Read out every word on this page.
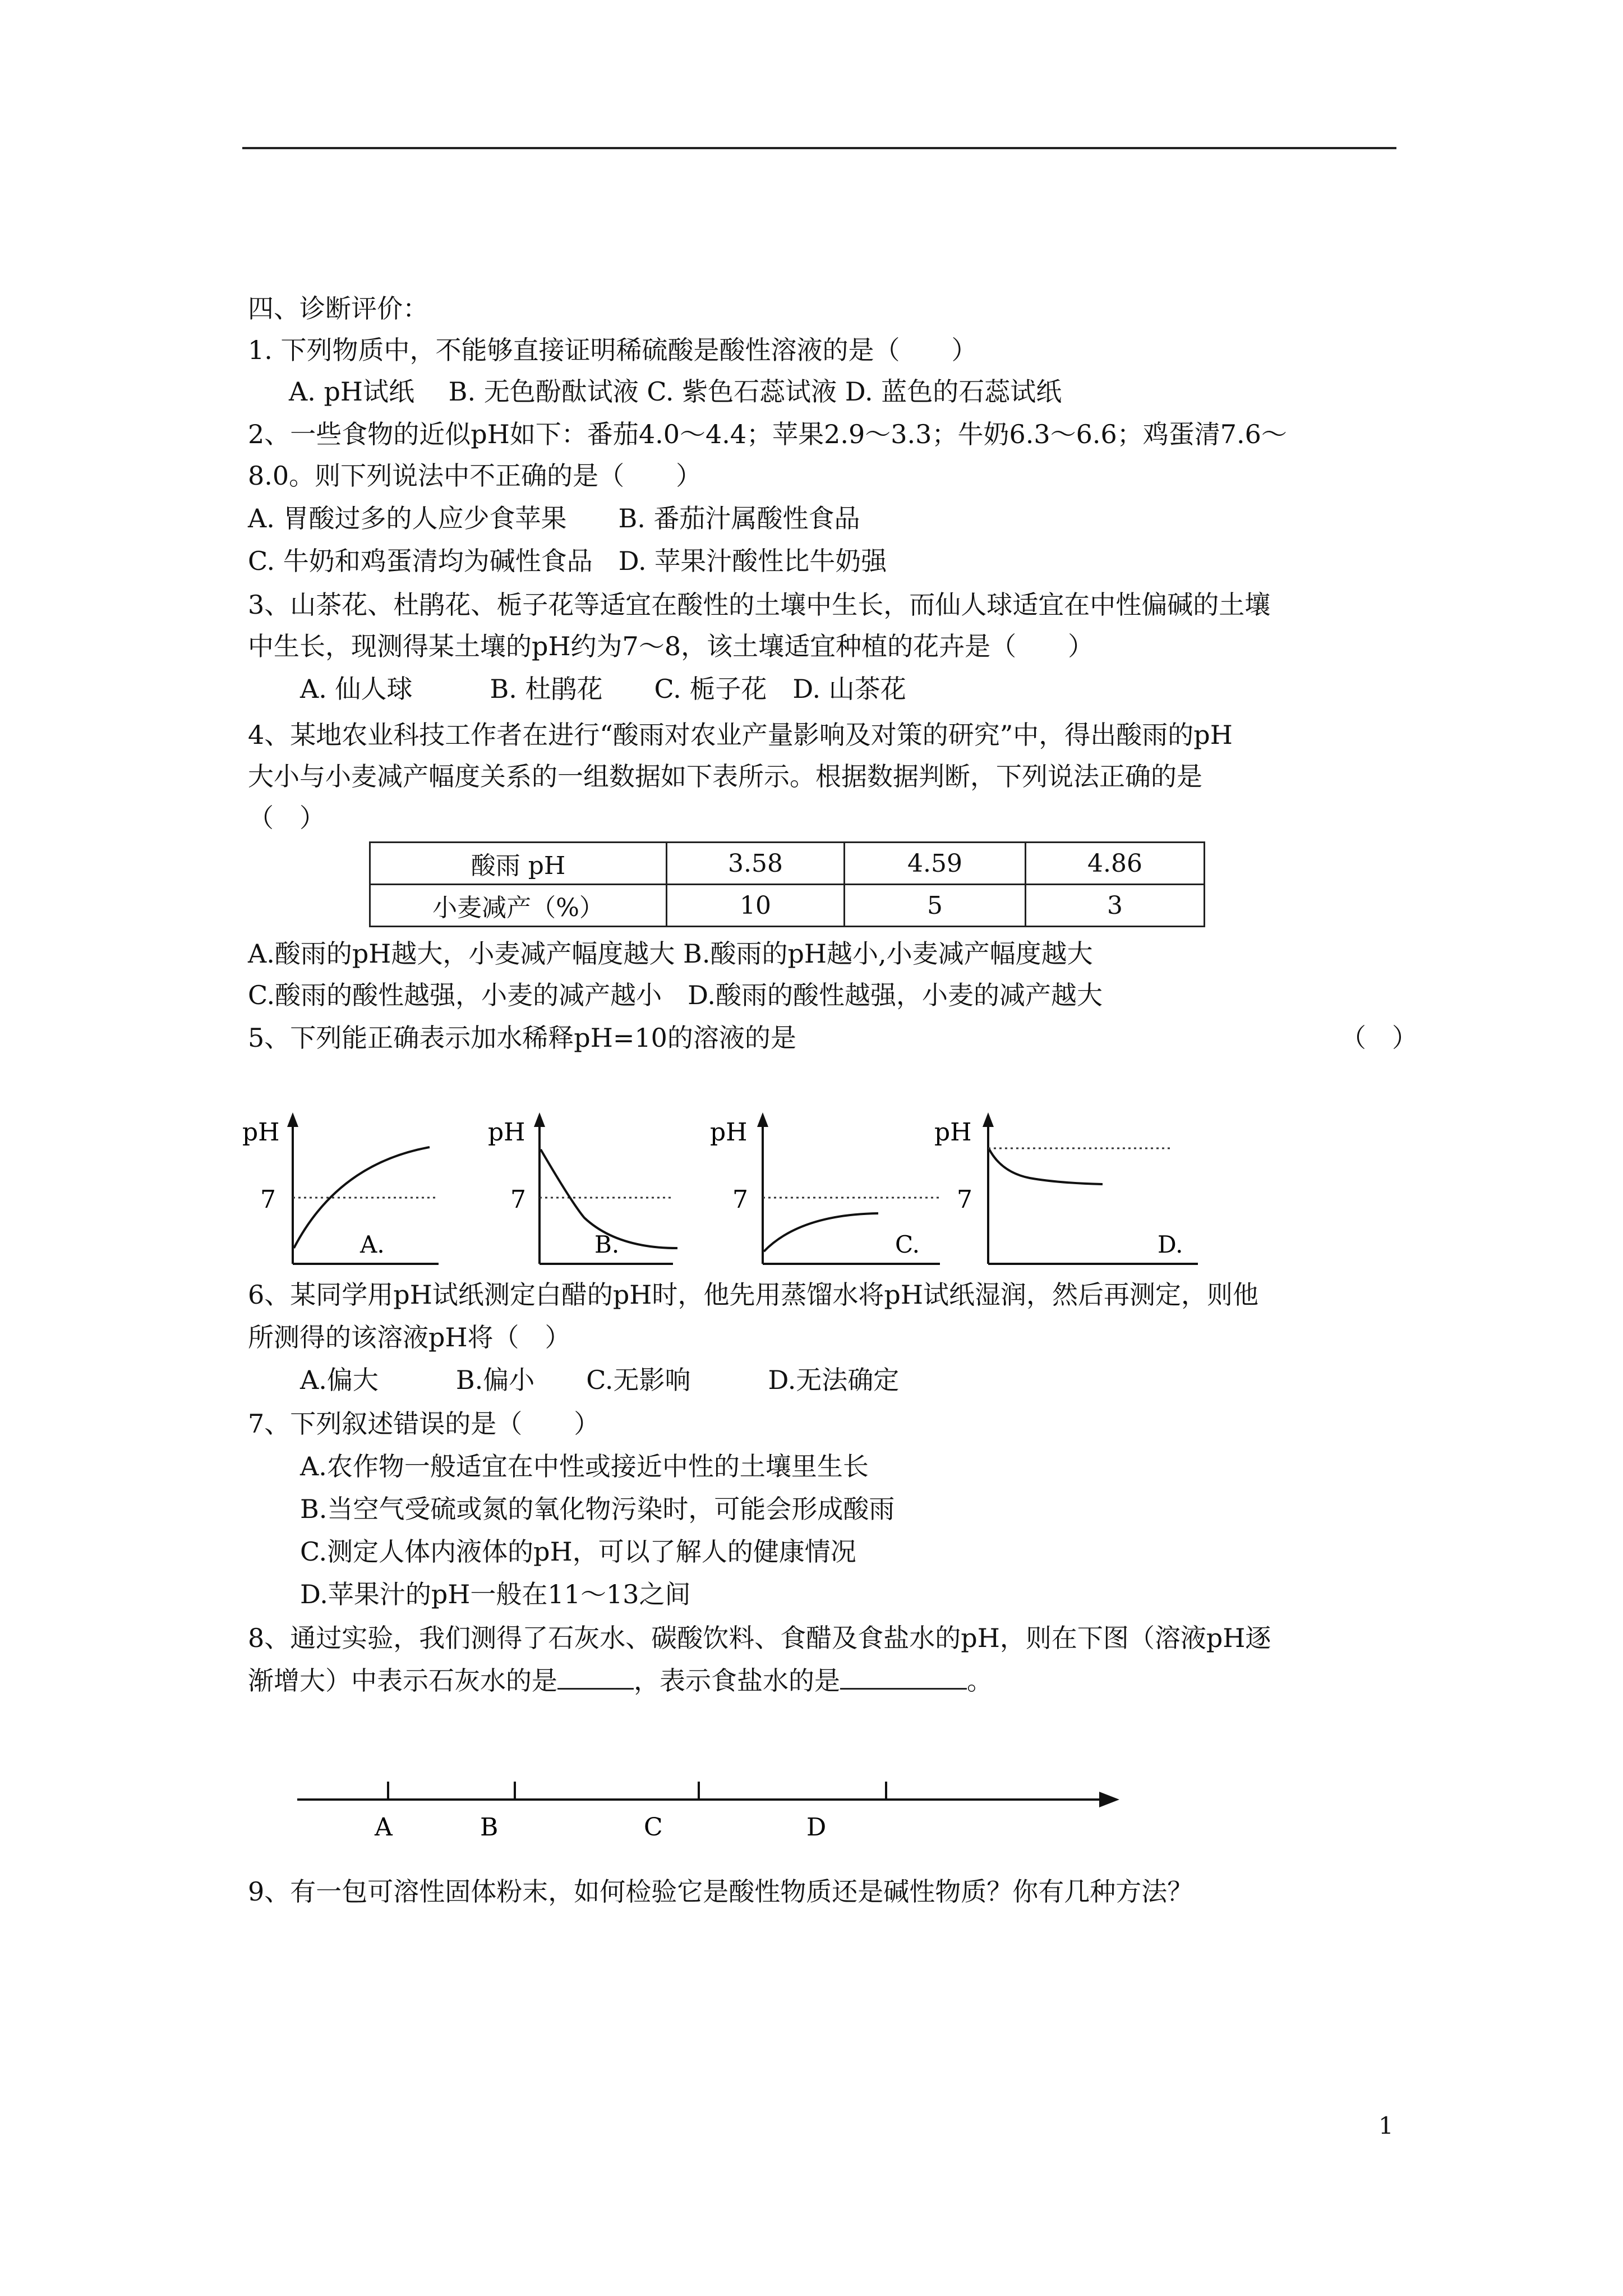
四、诊断评价：
1. 下列物质中，不能够直接证明稀硫酸是酸性溶液的是（　　）
A. pH试纸　 B. 无色酚酞试液 C. 紫色石蕊试液 D. 蓝色的石蕊试纸
2、一些食物的近似pH如下：番茄4.0～4.4；苹果2.9～3.3；牛奶6.3～6.6；鸡蛋清7.6～
8.0。则下列说法中不正确的是（　　）
A. 胃酸过多的人应少食苹果　　B. 番茄汁属酸性食品
C. 牛奶和鸡蛋清均为碱性食品　D. 苹果汁酸性比牛奶强
3、山茶花、杜鹃花、栀子花等适宜在酸性的土壤中生长，而仙人球适宜在中性偏碱的土壤
中生长，现测得某土壤的pH约为7～8，该土壤适宜种植的花卉是（　　）
A. 仙人球　　　B. 杜鹃花　　C. 栀子花　D. 山茶花
4、某地农业科技工作者在进行“酸雨对农业产量影响及对策的研究”中，得出酸雨的pH
大小与小麦减产幅度关系的一组数据如下表所示。根据数据判断，下列说法正确的是
（　）
酸雨 pH	3.58	4.59	4.86
小麦减产（%）	10	5	3
A.酸雨的pH越大，小麦减产幅度越大 B.酸雨的pH越小,小麦减产幅度越大
C.酸雨的酸性越强，小麦的减产越小　D.酸雨的酸性越强，小麦的减产越大
5、下列能正确表示加水稀释pH=10的溶液的是	（　）
pH
7
A.
pH
7
B.
pH
7
C.
pH
7
D.
6、某同学用pH试纸测定白醋的pH时，他先用蒸馏水将pH试纸湿润，然后再测定，则他
所测得的该溶液pH将（　）
A.偏大　　　B.偏小　　C.无影响　　　D.无法确定
7、下列叙述错误的是（　　）
A.农作物一般适宜在中性或接近中性的土壤里生长
B.当空气受硫或氮的氧化物污染时，可能会形成酸雨
C.测定人体内液体的pH，可以了解人的健康情况
D.苹果汁的pH一般在11～13之间
8、通过实验，我们测得了石灰水、碳酸饮料、食醋及食盐水的pH，则在下图（溶液pH逐
渐增大）中表示石灰水的是	，表示食盐水的是	。
A	B	C	D
9、有一包可溶性固体粉末，如何检验它是酸性物质还是碱性物质？你有几种方法？
1
